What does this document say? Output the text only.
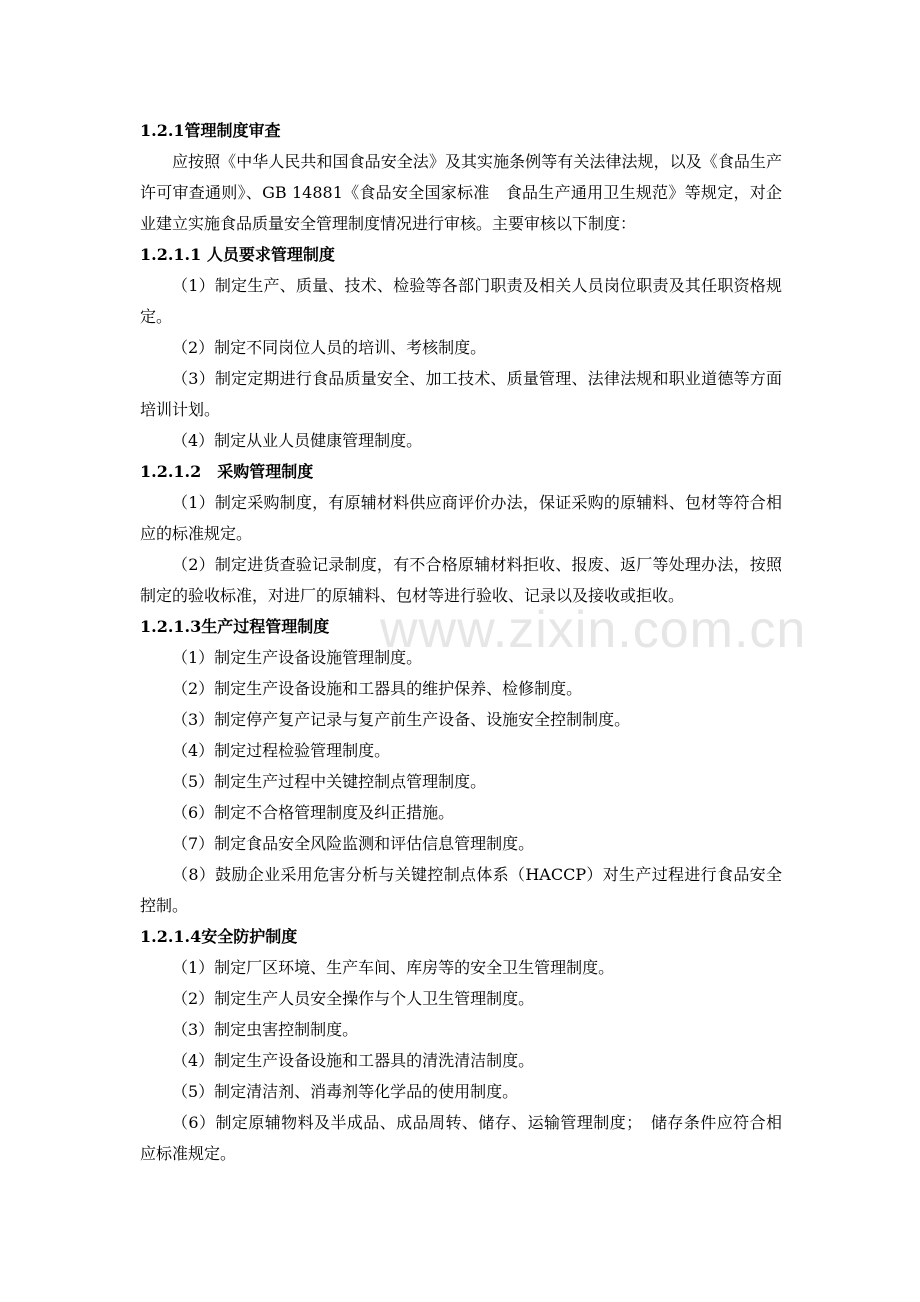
www.zixin.com.cn

1.2.1管理制度审查

应按照《中华人民共和国食品安全法》及其实施条例等有关法律法规，以及《食品生产许可审查通则》、GB 14881《食品安全国家标准　食品生产通用卫生规范》等规定，对企业建立实施食品质量安全管理制度情况进行审核。主要审核以下制度：

1.2.1.1 人员要求管理制度

（1）制定生产、质量、技术、检验等各部门职责及相关人员岗位职责及其任职资格规定。

（2）制定不同岗位人员的培训、考核制度。

（3）制定定期进行食品质量安全、加工技术、质量管理、法律法规和职业道德等方面培训计划。

（4）制定从业人员健康管理制度。

1.2.1.2　采购管理制度

（1）制定采购制度，有原辅材料供应商评价办法，保证采购的原辅料、包材等符合相应的标准规定。

（2）制定进货查验记录制度，有不合格原辅材料拒收、报废、返厂等处理办法，按照制定的验收标准，对进厂的原辅料、包材等进行验收、记录以及接收或拒收。

1.2.1.3生产过程管理制度

（1）制定生产设备设施管理制度。

（2）制定生产设备设施和工器具的维护保养、检修制度。

（3）制定停产复产记录与复产前生产设备、设施安全控制制度。

（4）制定过程检验管理制度。

（5）制定生产过程中关键控制点管理制度。

（6）制定不合格管理制度及纠正措施。

（7）制定食品安全风险监测和评估信息管理制度。

（8）鼓励企业采用危害分析与关键控制点体系（HACCP）对生产过程进行食品安全控制。

1.2.1.4安全防护制度

（1）制定厂区环境、生产车间、库房等的安全卫生管理制度。

（2）制定生产人员安全操作与个人卫生管理制度。

（3）制定虫害控制制度。

（4）制定生产设备设施和工器具的清洗清洁制度。

（5）制定清洁剂、消毒剂等化学品的使用制度。

（6）制定原辅物料及半成品、成品周转、储存、运输管理制度；　储存条件应符合相应标准规定。
